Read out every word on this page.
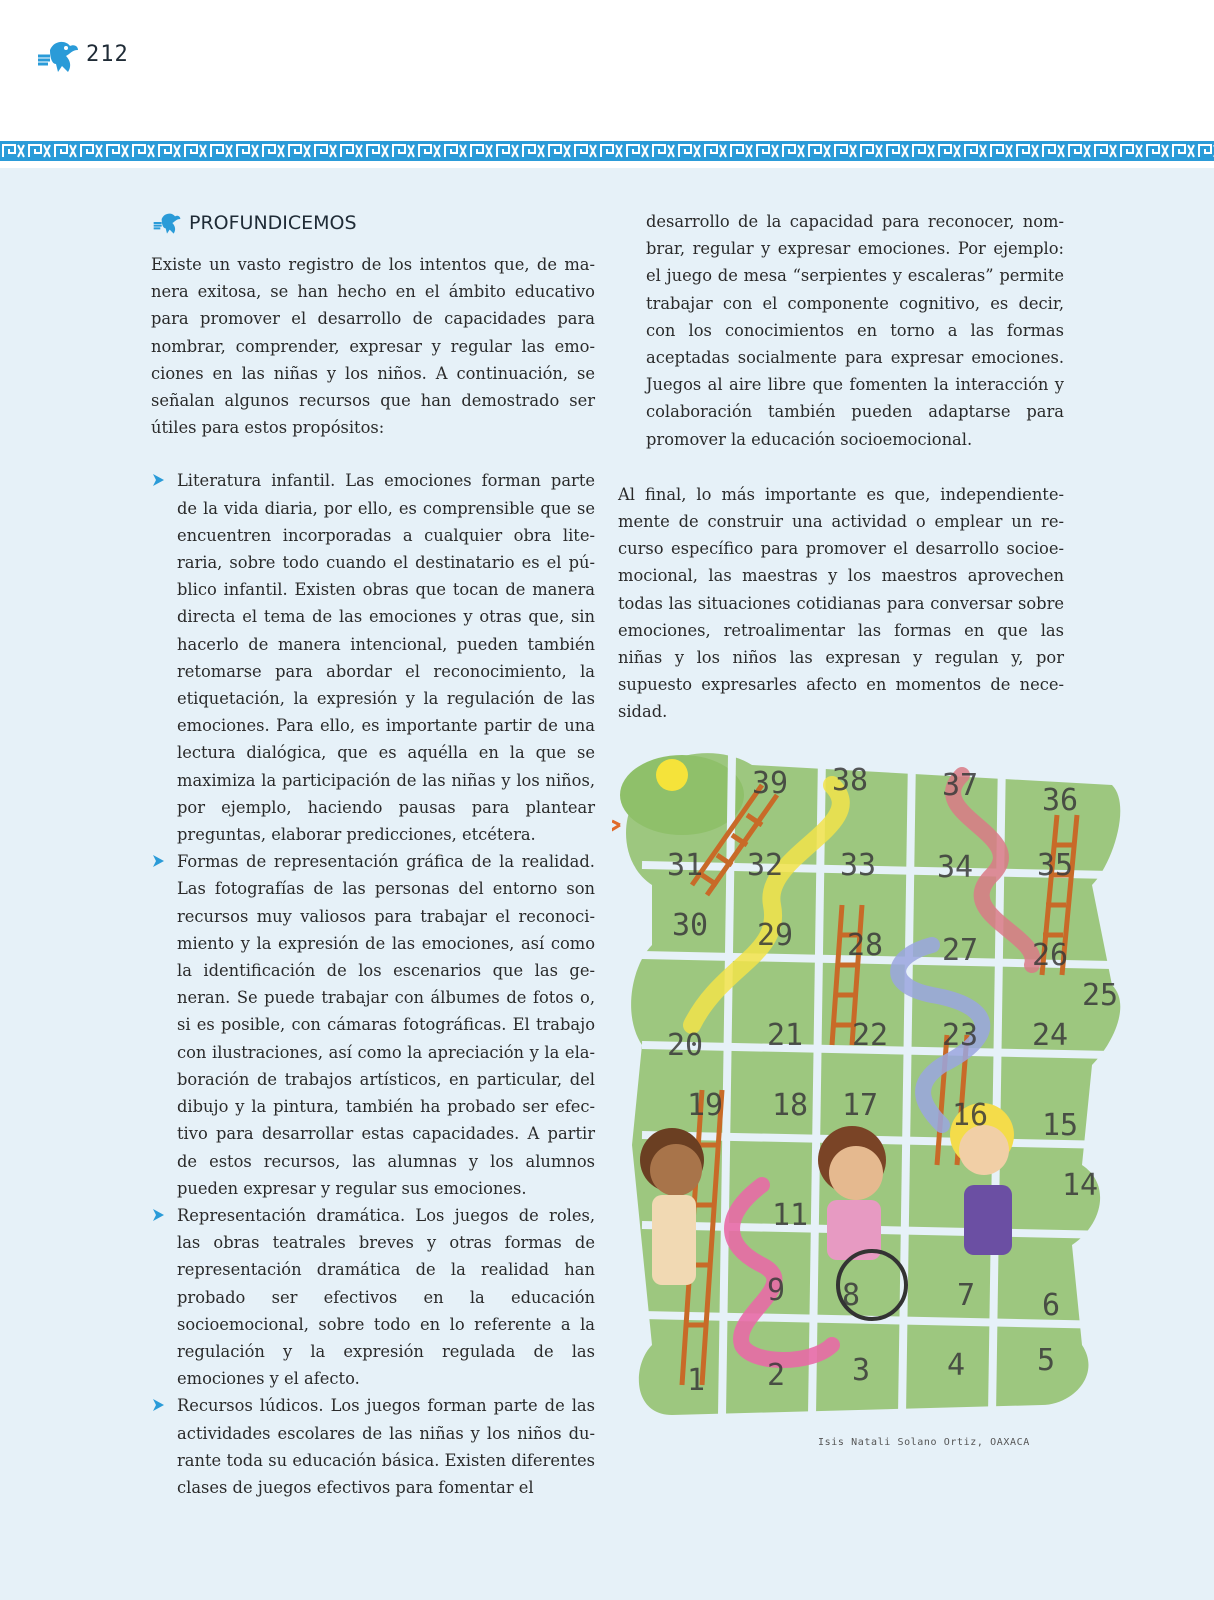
212
PROFUNDICEMOS

Existe un vasto registro de los intentos que, de manera exitosa, se han hecho en el ámbito educativo para promover el desarrollo de capacidades para nombrar, comprender, expresar y regular las emociones en las niñas y los niños. A continuación, se señalan algunos recursos que han demostrado ser útiles para estos propósitos:

Literatura infantil. Las emociones forman parte de la vida diaria, por ello, es comprensible que se encuentren incorporadas a cualquier obra literaria, sobre todo cuando el destinatario es el público infantil. Existen obras que tocan de manera directa el tema de las emociones y otras que, sin hacerlo de manera intencional, pueden también retomarse para abordar el reconocimiento, la etiquetación, la expresión y la regulación de las emociones. Para ello, es importante partir de una lectura dialógica, que es aquélla en la que se maximiza la participación de las niñas y los niños, por ejemplo, haciendo pausas para plantear preguntas, elaborar predicciones, etcétera.
Formas de representación gráfica de la realidad. Las fotografías de las personas del entorno son recursos muy valiosos para trabajar el reconocimiento y la expresión de las emociones, así como la identificación de los escenarios que las generan. Se puede trabajar con álbumes de fotos o, si es posible, con cámaras fotográficas. El trabajo con ilustraciones, así como la apreciación y la elaboración de trabajos artísticos, en particular, del dibujo y la pintura, también ha probado ser efectivo para desarrollar estas capacidades. A partir de estos recursos, las alumnas y los alumnos pueden expresar y regular sus emociones.
Representación dramática. Los juegos de roles, las obras teatrales breves y otras formas de representación dramática de la realidad han probado ser efectivos en la educación socioemocional, sobre todo en lo referente a la regulación y la expresión regulada de las emociones y el afecto.
Recursos lúdicos. Los juegos forman parte de las actividades escolares de las niñas y los niños durante toda su educación básica. Existen diferentes clases de juegos efectivos para fomentar el

desarrollo de la capacidad para reconocer, nombrar, regular y expresar emociones. Por ejemplo: el juego de mesa “serpientes y escaleras” permite trabajar con el componente cognitivo, es decir, con los conocimientos en torno a las formas aceptadas socialmente para expresar emociones. Juegos al aire libre que fomenten la interacción y colaboración también pueden adaptarse para promover la educación socioemocional.

Al final, lo más importante es que, independientemente de construir una actividad o emplear un recurso específico para promover el desarrollo socioemocional, las maestras y los maestros aprovechen todas las situaciones cotidianas para conversar sobre emociones, retroalimentar las formas en que las niñas y los niños las expresan y regulan y, por supuesto expresarles afecto en momentos de necesidad.

39 38 37 36
31 32 33 34 35
30 29 28 27 26
25
20 21 22 23 24
19 18 17 16 15
11
14
9 8	7 6
1 2 3	4 5
Isis Natali Solano Ortiz, OAXACA
